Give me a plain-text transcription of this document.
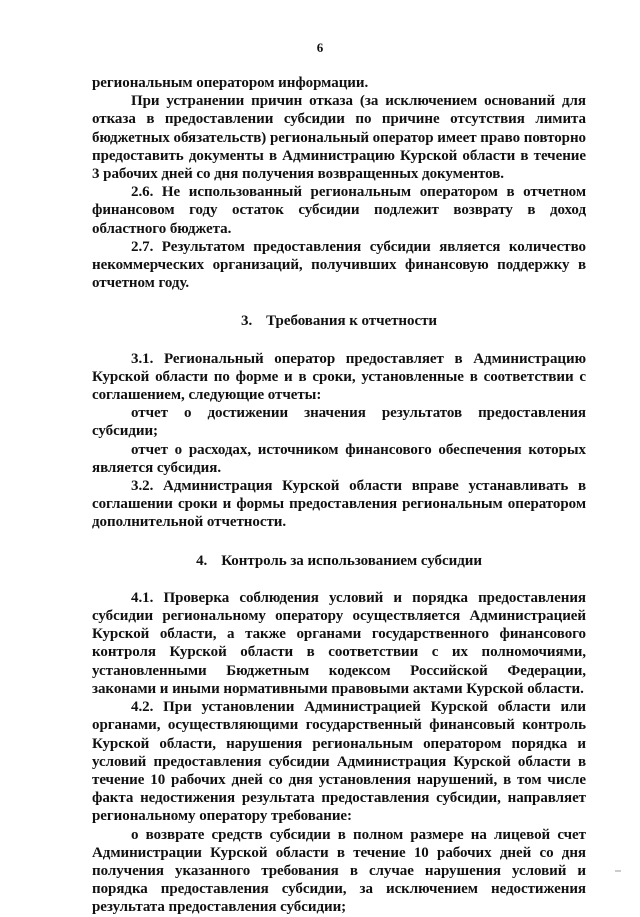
6

региональным оператором информации.

При устранении причин отказа (за исключением оснований для отказа в предоставлении субсидии по причине отсутствия лимита бюджетных обязательств) региональный оператор имеет право повторно предоставить документы в Администрацию Курской области в течение 3 рабочих дней со дня получения возвращенных документов.

2.6. Не использованный региональным оператором в отчетном финансовом году остаток субсидии подлежит возврату в доход областного бюджета.

2.7. Результатом предоставления субсидии является количество некоммерческих организаций, получивших финансовую поддержку в отчетном году.

3. Требования к отчетности

3.1. Региональный оператор предоставляет в Администрацию Курской области по форме и в сроки, установленные в соответствии с соглашением, следующие отчеты:

отчет о достижении значения результатов предоставления субсидии;

отчет о расходах, источником финансового обеспечения которых является субсидия.

3.2. Администрация Курской области вправе устанавливать в соглашении сроки и формы предоставления региональным оператором дополнительной отчетности.

4. Контроль за использованием субсидии

4.1. Проверка соблюдения условий и порядка предоставления субсидии региональному оператору осуществляется Администрацией Курской области, а также органами государственного финансового контроля Курской области в соответствии с их полномочиями, установленными Бюджетным кодексом Российской Федерации, законами и иными нормативными правовыми актами Курской области.

4.2. При установлении Администрацией Курской области или органами, осуществляющими государственный финансовый контроль Курской области, нарушения региональным оператором порядка и условий предоставления субсидии Администрация Курской области в течение 10 рабочих дней со дня установления нарушений, в том числе факта недостижения результата предоставления субсидии, направляет региональному оператору требование:

о возврате средств субсидии в полном размере на лицевой счет Администрации Курской области в течение 10 рабочих дней со дня получения указанного требования в случае нарушения условий и порядка предоставления субсидии, за исключением недостижения результата предоставления субсидии;
